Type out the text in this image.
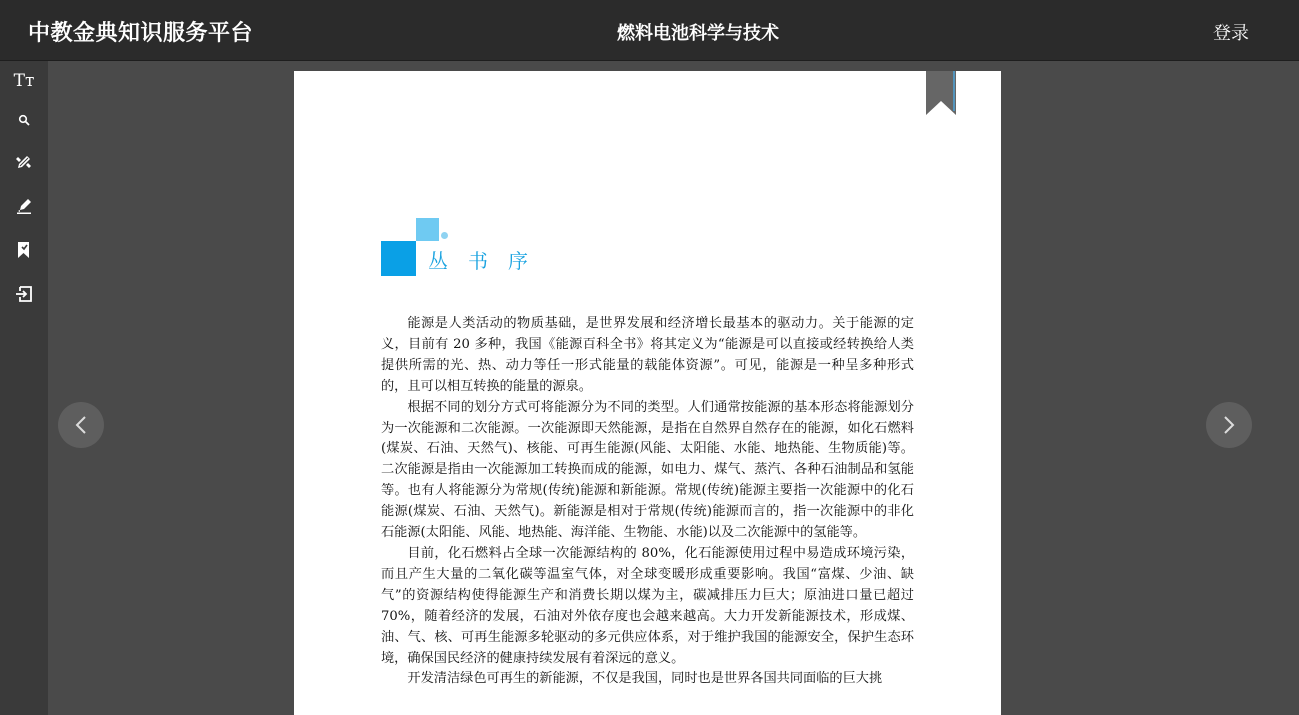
中教金典知识服务平台	燃料电池科学与技术	登录
Tт
丛书序

能源是人类活动的物质基础，是世界发展和经济增长最基本的驱动力。关于能源的定义，目前有 20 多种，我国《能源百科全书》将其定义为“能源是可以直接或经转换给人类提供所需的光、热、动力等任一形式能量的载能体资源”。可见，能源是一种呈多种形式的，且可以相互转换的能量的源泉。

根据不同的划分方式可将能源分为不同的类型。人们通常按能源的基本形态将能源划分为一次能源和二次能源。一次能源即天然能源，是指在自然界自然存在的能源，如化石燃料(煤炭、石油、天然气)、核能、可再生能源(风能、太阳能、水能、地热能、生物质能)等。二次能源是指由一次能源加工转换而成的能源，如电力、煤气、蒸汽、各种石油制品和氢能等。也有人将能源分为常规(传统)能源和新能源。常规(传统)能源主要指一次能源中的化石能源(煤炭、石油、天然气)。新能源是相对于常规(传统)能源而言的，指一次能源中的非化石能源(太阳能、风能、地热能、海洋能、生物能、水能)以及二次能源中的氢能等。

目前，化石燃料占全球一次能源结构的 80%，化石能源使用过程中易造成环境污染，而且产生大量的二氧化碳等温室气体，对全球变暖形成重要影响。我国“富煤、少油、缺气”的资源结构使得能源生产和消费长期以煤为主，碳减排压力巨大；原油进口量已超过 70%，随着经济的发展，石油对外依存度也会越来越高。大力开发新能源技术，形成煤、油、气、核、可再生能源多轮驱动的多元供应体系，对于维护我国的能源安全，保护生态环境，确保国民经济的健康持续发展有着深远的意义。

开发清洁绿色可再生的新能源，不仅是我国，同时也是世界各国共同面临的巨大挑
